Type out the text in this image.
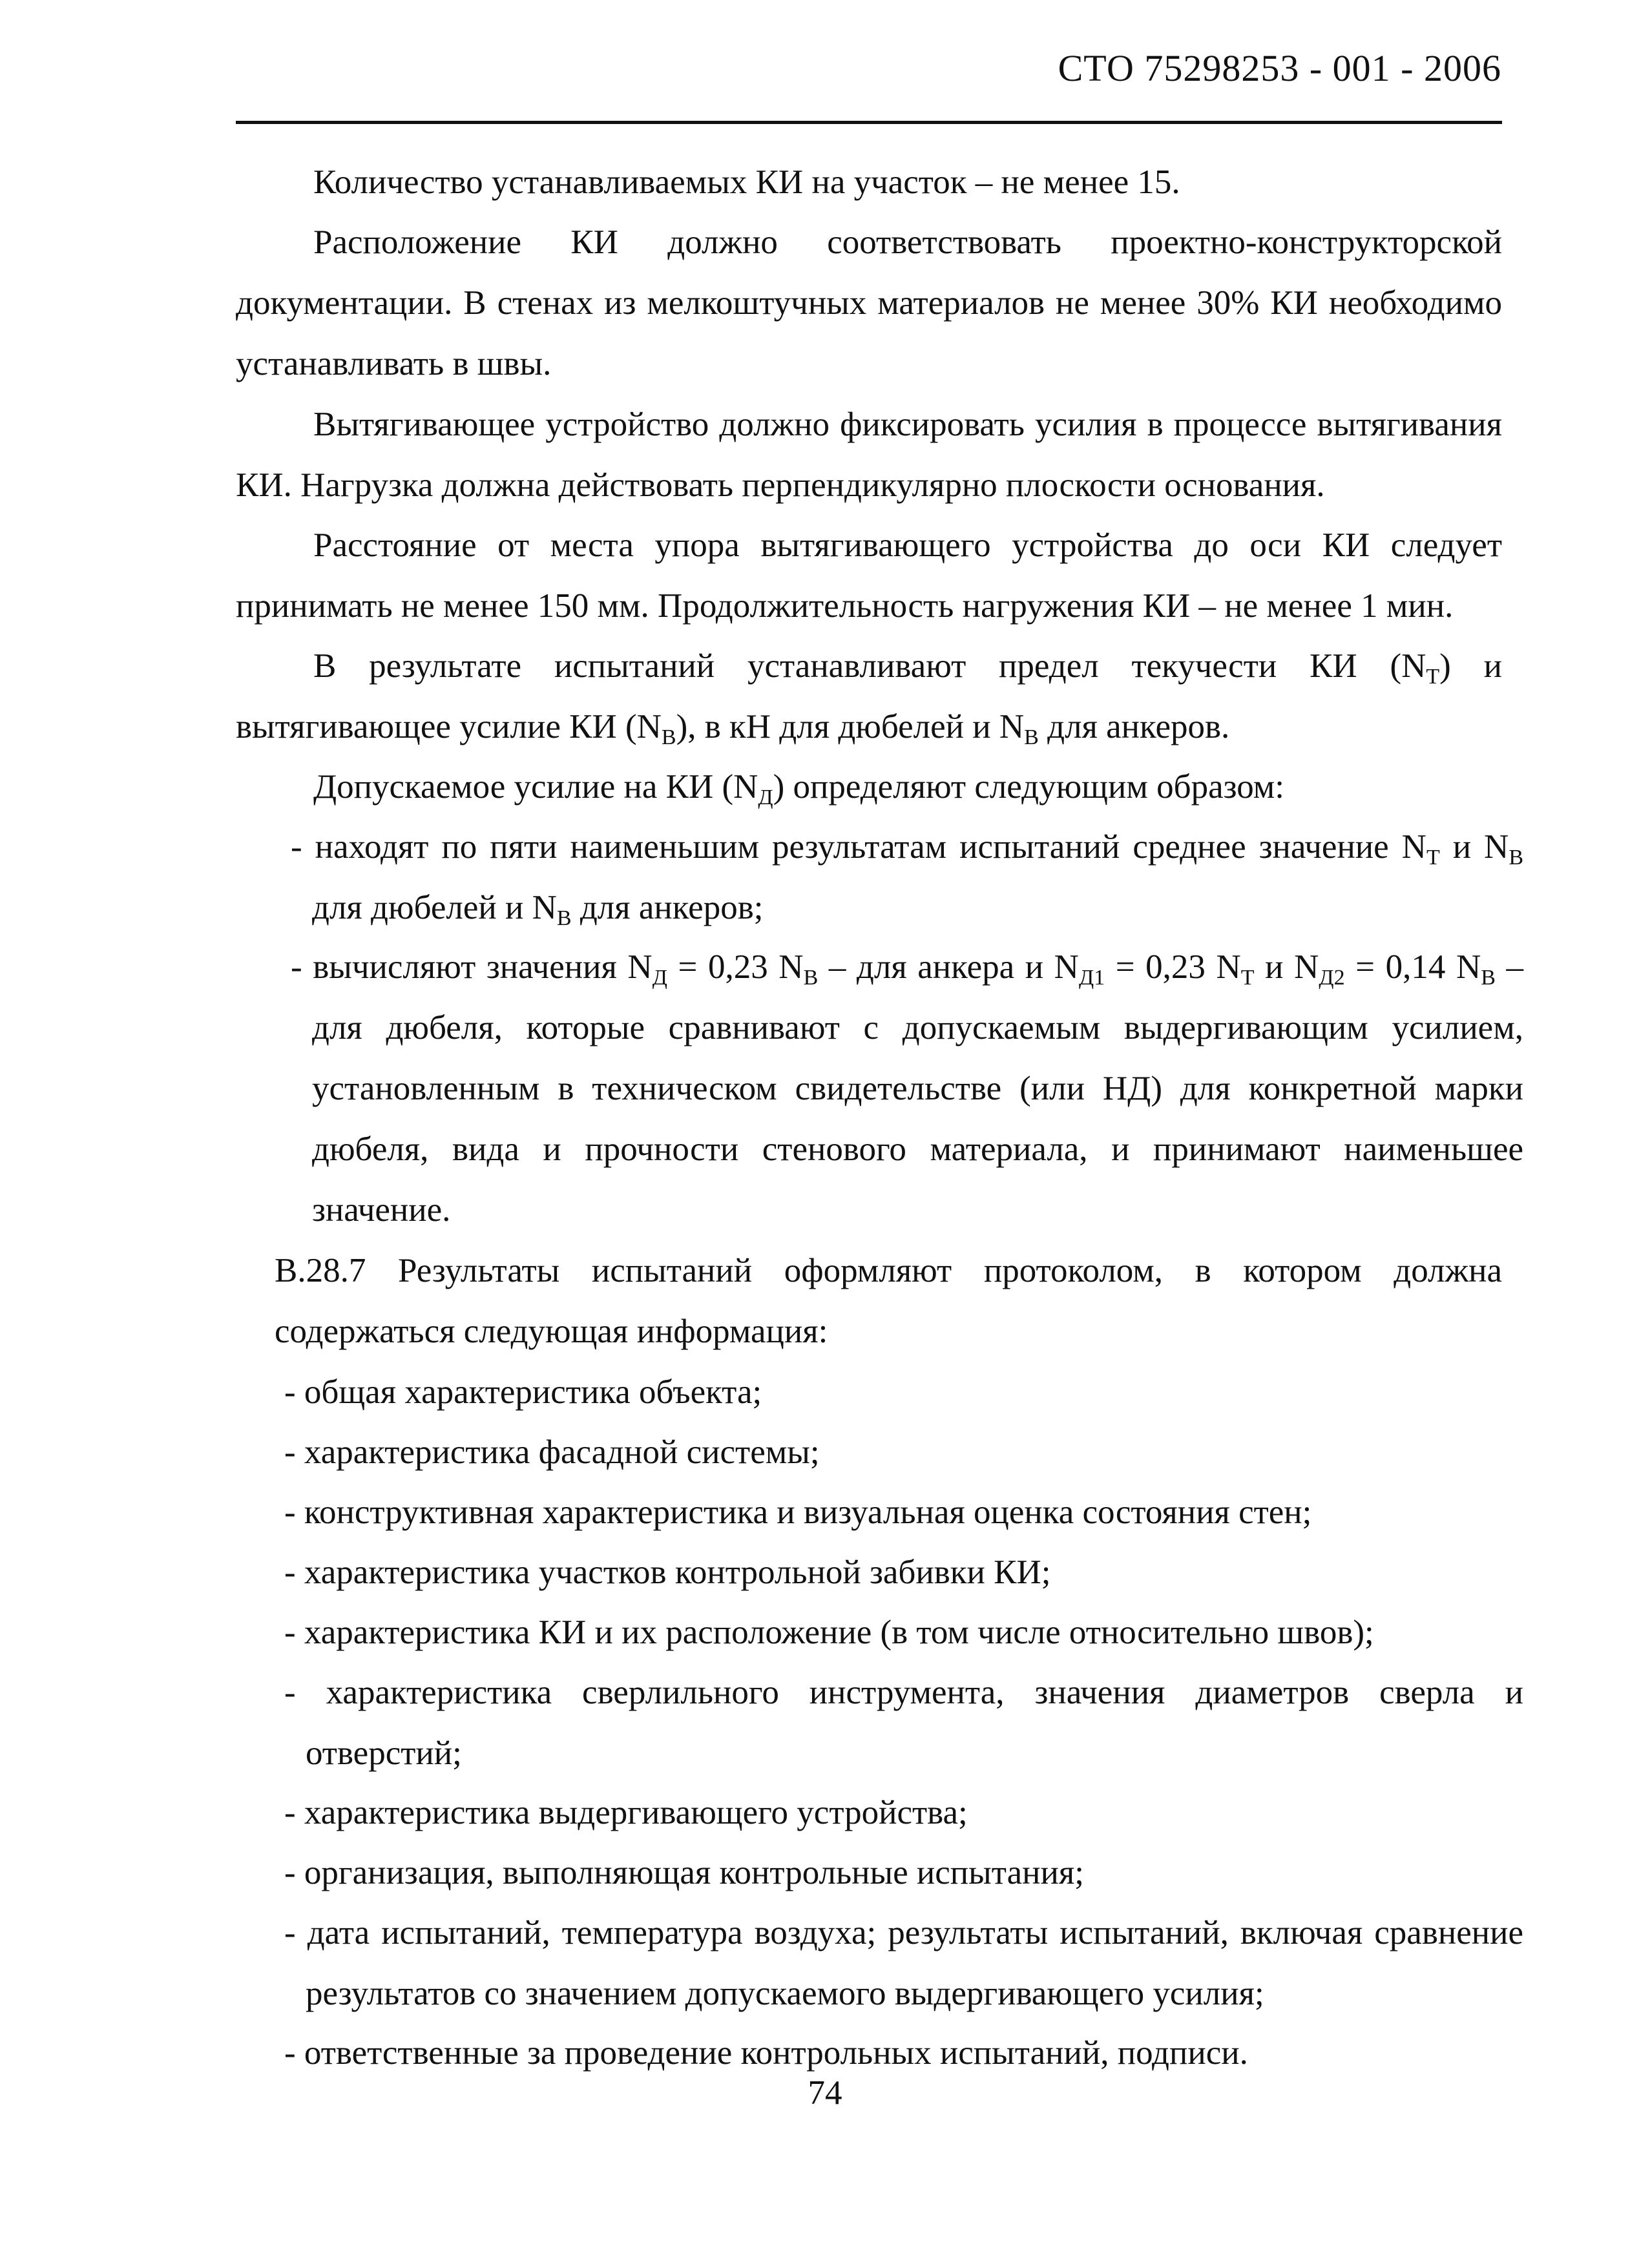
СТО 75298253 - 001 - 2006

Количество устанавливаемых КИ на участок – не менее 15.

Расположение КИ должно соответствовать проектно-конструкторской документации. В стенах из мелкоштучных материалов не менее 30% КИ необходимо устанавливать в швы.

Вытягивающее устройство должно фиксировать усилия в процессе вытягивания КИ. Нагрузка должна действовать перпендикулярно плоскости основания.

Расстояние от места упора вытягивающего устройства до оси КИ следует принимать не менее 150 мм. Продолжительность нагружения КИ – не менее 1 мин.

В результате испытаний устанавливают предел текучести КИ $(N_Т)$ и вытягивающее усилие КИ $(N_В)$, в кН для дюбелей и $N_В$ для анкеров.

Допускаемое усилие на КИ $(N_Д)$ определяют следующим образом:

- находят по пяти наименьшим результатам испытаний среднее значение $N_Т$ и $N_В$ для дюбелей и $N_В$ для анкеров;

- вычисляют значения $N_Д = 0,23$ $N_В$ – для анкера и $N_{Д1} = 0,23$ $N_Т$ и $N_{Д2} = 0,14$ $N_В$ – для дюбеля, которые сравнивают с допускаемым выдергивающим усилием, установленным в техническом свидетельстве (или НД) для конкретной марки дюбеля, вида и прочности стенового материала, и принимают наименьшее значение.

В.28.7 Результаты испытаний оформляют протоколом, в котором должна содержаться следующая информация:

- общая характеристика объекта;

- характеристика фасадной системы;

- конструктивная характеристика и визуальная оценка состояния стен;

- характеристика участков контрольной забивки КИ;

- характеристика КИ и их расположение (в том числе относительно швов);

- характеристика сверлильного инструмента, значения диаметров сверла и отверстий;

- характеристика выдергивающего устройства;

- организация, выполняющая контрольные испытания;

- дата испытаний, температура воздуха; результаты испытаний, включая сравнение результатов со значением допускаемого выдергивающего усилия;

- ответственные за проведение контрольных испытаний, подписи.

74
